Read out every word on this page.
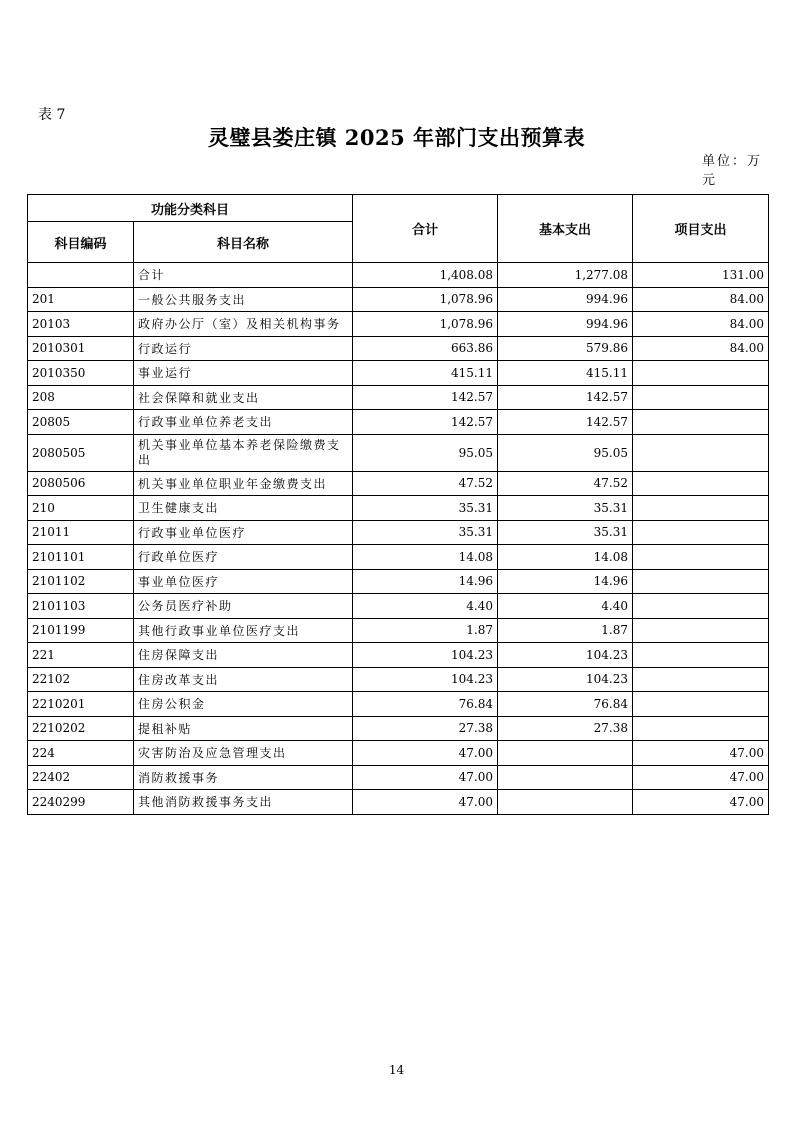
表 7
灵璧县娄庄镇 2025 年部门支出预算表
单位：万元
功能分类科目		合计	基本支出	项目支出
科目编码	科目名称			
	合计	1,408.08	1,277.08	131.00
201	一般公共服务支出	1,078.96	994.96	84.00
20103	政府办公厅（室）及相关机构事务	1,078.96	994.96	84.00
2010301	行政运行	663.86	579.86	84.00
2010350	事业运行	415.11	415.11	
208	社会保障和就业支出	142.57	142.57	
20805	行政事业单位养老支出	142.57	142.57	
2080505	机关事业单位基本养老保险缴费支出	95.05	95.05	
2080506	机关事业单位职业年金缴费支出	47.52	47.52	
210	卫生健康支出	35.31	35.31	
21011	行政事业单位医疗	35.31	35.31	
2101101	行政单位医疗	14.08	14.08	
2101102	事业单位医疗	14.96	14.96	
2101103	公务员医疗补助	4.40	4.40	
2101199	其他行政事业单位医疗支出	1.87	1.87	
221	住房保障支出	104.23	104.23	
22102	住房改革支出	104.23	104.23	
2210201	住房公积金	76.84	76.84	
2210202	提租补贴	27.38	27.38	
224	灾害防治及应急管理支出	47.00		47.00
22402	消防救援事务	47.00		47.00
2240299	其他消防救援事务支出	47.00		47.00
14
